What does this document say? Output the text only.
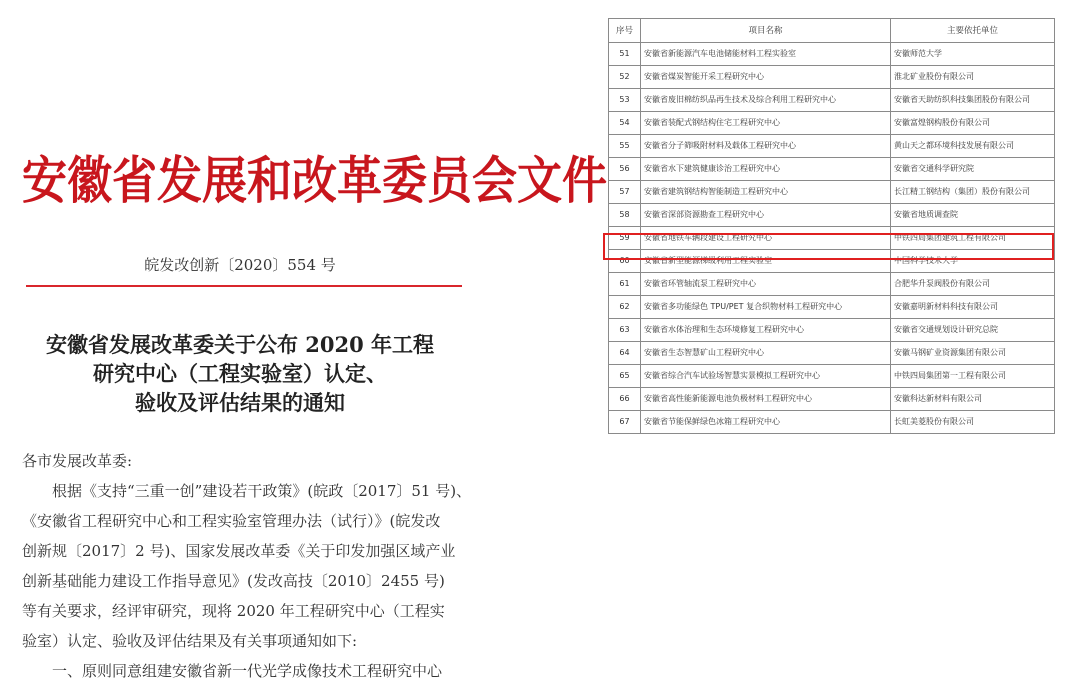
安徽省发展和改革委员会文件
皖发改创新〔2020〕554 号
安徽省发展改革委关于公布 2020 年工程
研究中心（工程实验室）认定、
验收及评估结果的通知
各市发展改革委:
根据《支持“三重一创”建设若干政策》(皖政〔2017〕51 号)、
《安徽省工程研究中心和工程实验室管理办法（试行）》(皖发改
创新规〔2017〕2 号)、国家发展改革委《关于印发加强区域产业
创新基础能力建设工作指导意见》(发改高技〔2010〕2455 号)
等有关要求，经评审研究，现将 2020 年工程研究中心（工程实
验室）认定、验收及评估结果及有关事项通知如下:
一、原则同意组建安徽省新一代光学成像技术工程研究中心
序号	项目名称	主要依托单位
51	安徽省新能源汽车电池储能材料工程实验室	安徽师范大学
52	安徽省煤炭智能开采工程研究中心	淮北矿业股份有限公司
53	安徽省废旧棉纺织品再生技术及综合利用工程研究中心	安徽省天助纺织科技集团股份有限公司
54	安徽省装配式钢结构住宅工程研究中心	安徽富煌钢构股份有限公司
55	安徽省分子筛吸附材料及载体工程研究中心	黄山天之都环境科技发展有限公司
56	安徽省水下建筑健康诊治工程研究中心	安徽省交通科学研究院
57	安徽省建筑钢结构智能制造工程研究中心	长江精工钢结构（集团）股份有限公司
58	安徽省深部资源勘查工程研究中心	安徽省地质调查院
59	安徽省地铁车辆段建设工程研究中心	中铁四局集团建筑工程有限公司
60	安徽省新型能源梯级利用工程实验室	中国科学技术大学
61	安徽省环管轴流泵工程研究中心	合肥华升泵阀股份有限公司
62	安徽省多功能绿色 TPU/PET 复合织物材料工程研究中心	安徽嘉明新材料科技有限公司
63	安徽省水体治理和生态环境修复工程研究中心	安徽省交通规划设计研究总院
64	安徽省生态智慧矿山工程研究中心	安徽马钢矿业资源集团有限公司
65	安徽省综合汽车试验场智慧实景模拟工程研究中心	中铁四局集团第一工程有限公司
66	安徽省高性能新能源电池负极材料工程研究中心	安徽科达新材料有限公司
67	安徽省节能保鲜绿色冰箱工程研究中心	长虹美菱股份有限公司
